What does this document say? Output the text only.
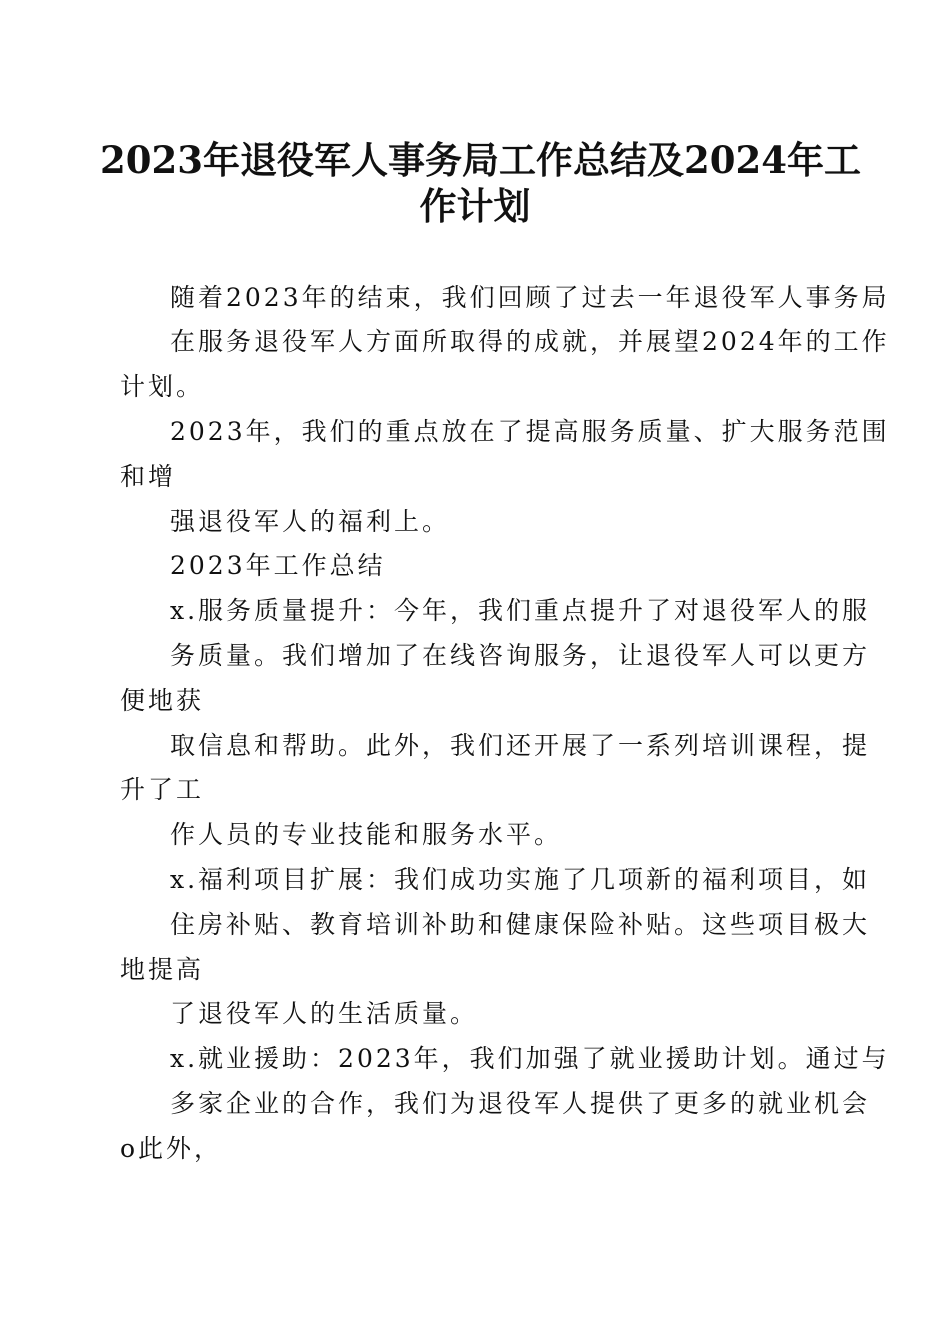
2023年退役军人事务局工作总结及2024年工
作计划
随着2023年的结束，我们回顾了过去一年退役军人事务局
在服务退役军人方面所取得的成就，并展望2024年的工作
计划。
2023年，我们的重点放在了提高服务质量、扩大服务范围
和增
强退役军人的福利上。
2023年工作总结
x.服务质量提升：今年，我们重点提升了对退役军人的服
务质量。我们增加了在线咨询服务，让退役军人可以更方
便地获
取信息和帮助。此外，我们还开展了一系列培训课程，提
升了工
作人员的专业技能和服务水平。
x.福利项目扩展：我们成功实施了几项新的福利项目，如
住房补贴、教育培训补助和健康保险补贴。这些项目极大
地提高
了退役军人的生活质量。
x.就业援助：2023年，我们加强了就业援助计划。通过与
多家企业的合作，我们为退役军人提供了更多的就业机会
o此外，
